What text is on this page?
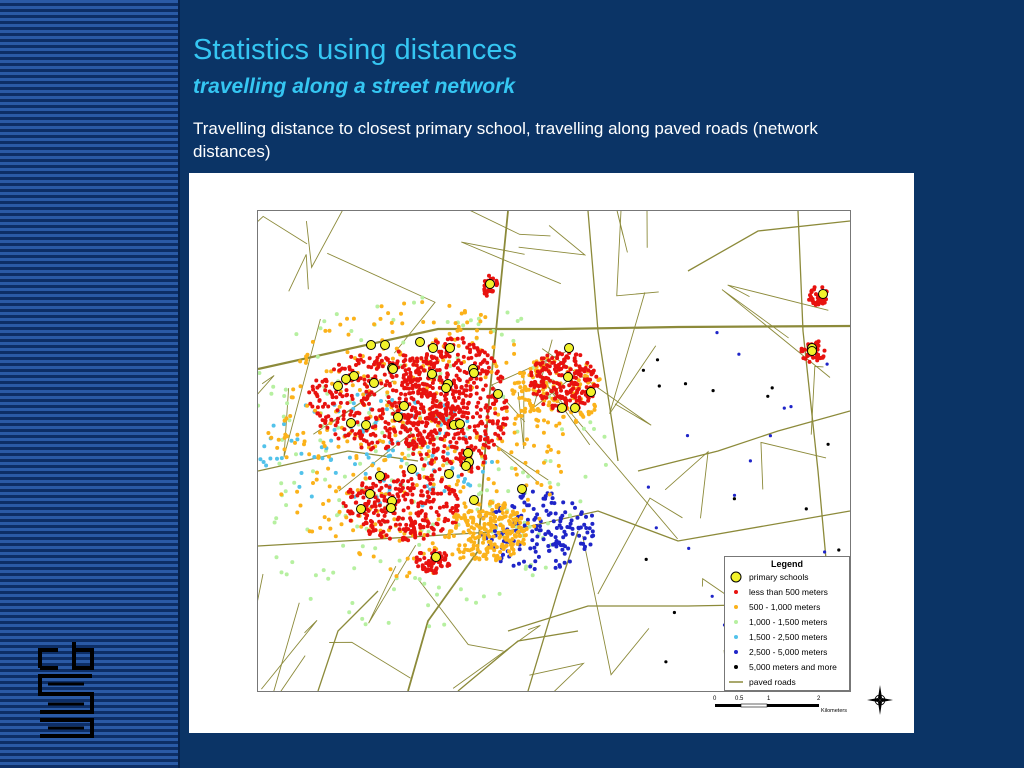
Statistics using distances
travelling along a street network
Travelling distance to closest primary school, travelling along paved roads (network distances)
Legend
primary schools
less than 500 meters
500 - 1,000 meters
1,000 - 1,500 meters
1,500 - 2,500 meters
2,500 - 5,000 meters
5,000 meters and more
paved roads
0	0.5	1	2
Kilometers
